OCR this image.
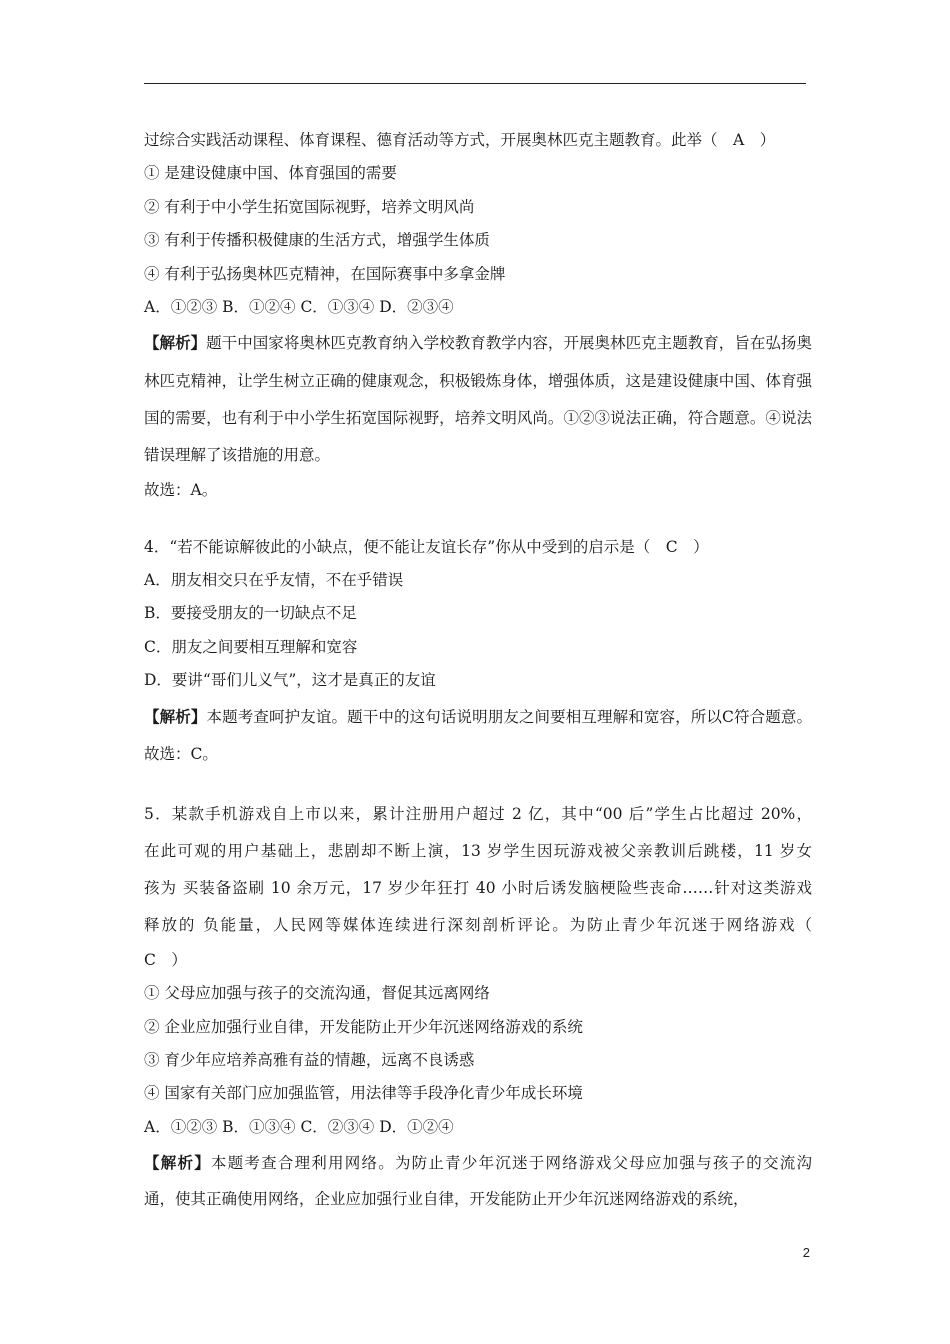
过综合实践活动课程、体育课程、德育活动等方式，开展奥林匹克主题教育。此举（　A　）
① 是建设健康中国、体育强国的需要
② 有利于中小学生拓宽国际视野，培养文明风尚
③ 有利于传播积极健康的生活方式，增强学生体质
④ 有利于弘扬奥林匹克精神，在国际赛事中多拿金牌
A．①②③ B．①②④ C．①③④ D．②③④
【解析】题干中国家将奥林匹克教育纳入学校教育教学内容，开展奥林匹克主题教育，旨在弘扬奥林匹克精神，让学生树立正确的健康观念，积极锻炼身体，增强体质，这是建设健康中国、体育强国的需要，也有利于中小学生拓宽国际视野，培养文明风尚。①②③说法正确，符合题意。④说法错误理解了该措施的用意。
故选：A。
4．“若不能谅解彼此的小缺点，便不能让友谊长存”你从中受到的启示是（　C　）
A．朋友相交只在乎友情，不在乎错误
B．要接受朋友的一切缺点不足
C．朋友之间要相互理解和宽容
D．要讲“哥们儿义气”，这才是真正的友谊
【解析】本题考查呵护友谊。题干中的这句话说明朋友之间要相互理解和宽容，所以C符合题意。故选：C。
5．某款手机游戏自上市以来，累计注册用户超过 2 亿，其中“00 后”学生占比超过 20%，
在此可观的用户基础上，悲剧却不断上演，13 岁学生因玩游戏被父亲教训后跳楼，11 岁女
孩为 买装备盗刷 10 余万元，17 岁少年狂打 40 小时后诱发脑梗险些丧命……针对这类游戏
释放的 负能量，人民网等媒体连续进行深刻剖析评论。为防止青少年沉迷于网络游戏（
C　）
① 父母应加强与孩子的交流沟通，督促其远离网络
② 企业应加强行业自律，开发能防止开少年沉迷网络游戏的系统
③ 育少年应培养高雅有益的情趣，远离不良诱惑
④ 国家有关部门应加强监管，用法律等手段净化青少年成长环境
A．①②③ B．①③④ C．②③④ D．①②④
【解析】本题考查合理利用网络。为防止青少年沉迷于网络游戏父母应加强与孩子的交流沟
通，使其正确使用网络，企业应加强行业自律，开发能防止开少年沉迷网络游戏的系统，
2
